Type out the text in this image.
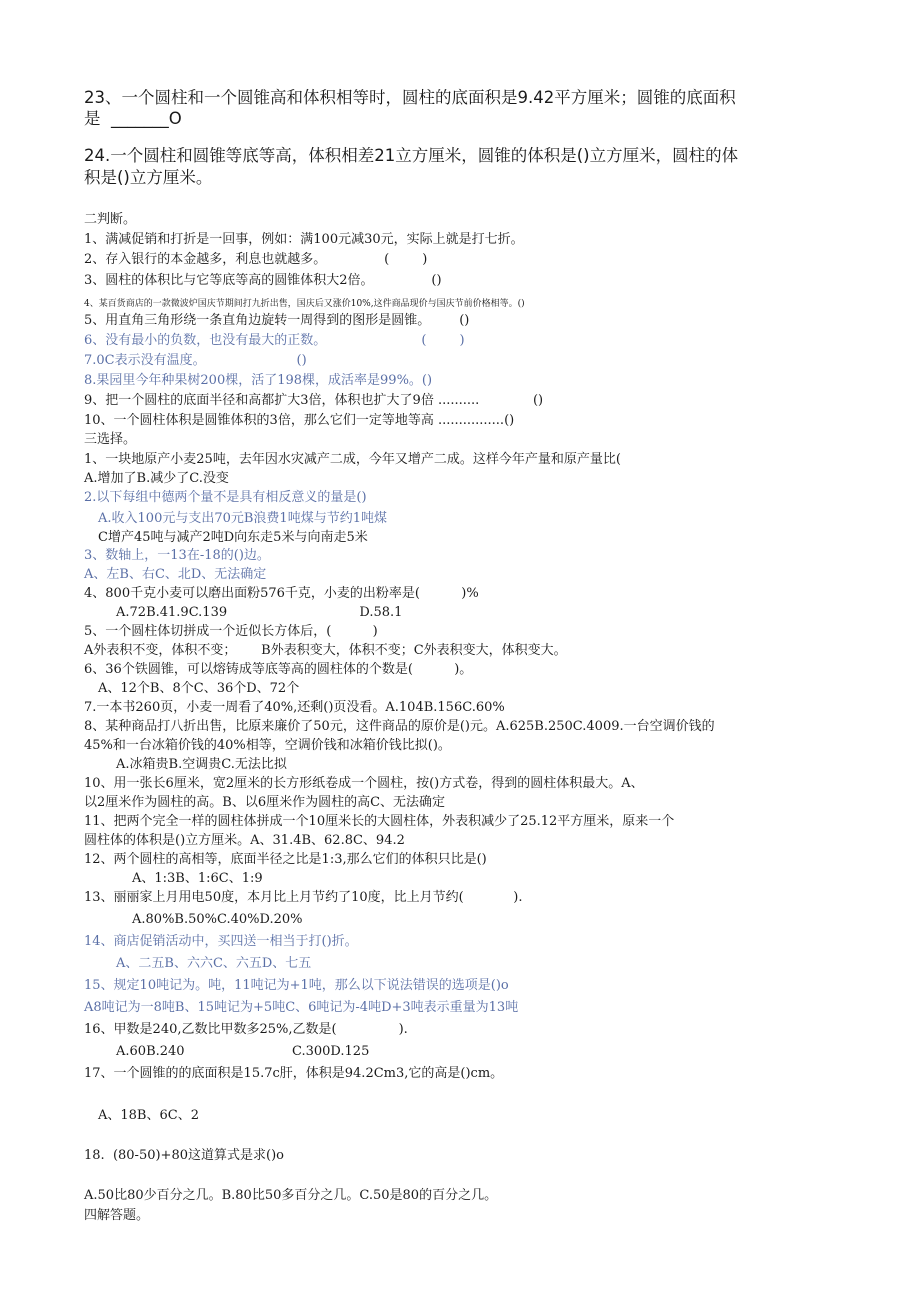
23、一个圆柱和一个圆锥高和体积相等时，圆柱的底面积是9.42平方厘米；圆锥的底面积
是  _______O
24.一个圆柱和圆锥等底等高，体积相差21立方厘米，圆锥的体积是()立方厘米，圆柱的体
积是()立方厘米。
二判断。
1、满减促销和打折是一回事，例如：满100元减30元，实际上就是打七折。
2、存入银行的本金越多，利息也就越多。              (        )
3、圆柱的体积比与它等底等高的圆锥体积大2倍。              ()
4、某百货商店的一款微波炉国庆节期间打九折出售，国庆后又涨价10%,这件商品现价与国庆节前价格相等。()
5、用直角三角形绕一条直角边旋转一周得到的图形是圆锥。       ()
6、没有最小的负数，也没有最大的正数。                       (        )
7.0C表示没有温度。                      ()
8.果园里今年种果树200棵，活了198棵，成活率是99%。()
9、把一个圆柱的底面半径和高都扩大3倍，体积也扩大了9倍 ..........             ()
10、一个圆柱体积是圆锥体积的3倍，那么它们一定等地等高 ................()
三选择。
1、一块地原产小麦25吨，去年因水灾减产二成，今年又增产二成。这样今年产量和原产量比(
A.增加了B.减少了C.没变
2.以下每组中德两个量不是具有相反意义的量是()
A.收入100元与支出70元B浪费1吨煤与节约1吨煤
C增产45吨与减产2吨D向东走5米与向南走5米
3、数轴上，一13在-18的()边。
A、左B、右C、北D、无法确定
4、800千克小麦可以磨出面粉576千克，小麦的出粉率是(          )%
A.72B.41.9C.139                                D.58.1
5、一个圆柱体切拼成一个近似长方体后，(          )
A外表积不变，体积不变；      B外表积变大，体积不变；C外表积变大，体积变大。
6、36个铁圆锥，可以熔铸成等底等高的圆柱体的个数是(          )。
A、12个B、8个C、36个D、72个
7.一本书260页，小麦一周看了40%,还剩()页没看。A.104B.156C.60%
8、某种商品打八折出售，比原来廉价了50元，这件商品的原价是()元。A.625B.250C.4009.一台空调价钱的
45%和一台冰箱价钱的40%相等，空调价钱和冰箱价钱比拟()。
A.冰箱贵B.空调贵C.无法比拟
10、用一张长6厘米，宽2厘米的长方形纸卷成一个圆柱，按()方式卷，得到的圆柱体积最大。A、
以2厘米作为圆柱的高。B、以6厘米作为圆柱的高C、无法确定
11、把两个完全一样的圆柱体拼成一个10厘米长的大圆柱体，外表积减少了25.12平方厘米，原来一个
圆柱体的体积是()立方厘米。A、31.4B、62.8C、94.2
12、两个圆柱的高相等，底面半径之比是1:3,那么它们的体积只比是()
A、1:3B、1:6C、1:9
13、丽丽家上月用电50度，本月比上月节约了10度，比上月节约(            ).
A.80%B.50%C.40%D.20%
14、商店促销活动中，买四送一相当于打()折。
A、二五B、六六C、六五D、七五
15、规定10吨记为。吨，11吨记为+1吨，那么以下说法错误的选项是()o
A8吨记为一8吨B、15吨记为+5吨C、6吨记为-4吨D+3吨表示重量为13吨
16、甲数是240,乙数比甲数多25%,乙数是(               ).
A.60B.240                          C.300D.125
17、一个圆锥的的底面积是15.7c肝，体积是94.2Cm3,它的高是()cm。
A、18B、6C、2
18.  (80-50)+80这道算式是求()o
A.50比80少百分之几。B.80比50多百分之几。C.50是80的百分之几。
四解答题。
